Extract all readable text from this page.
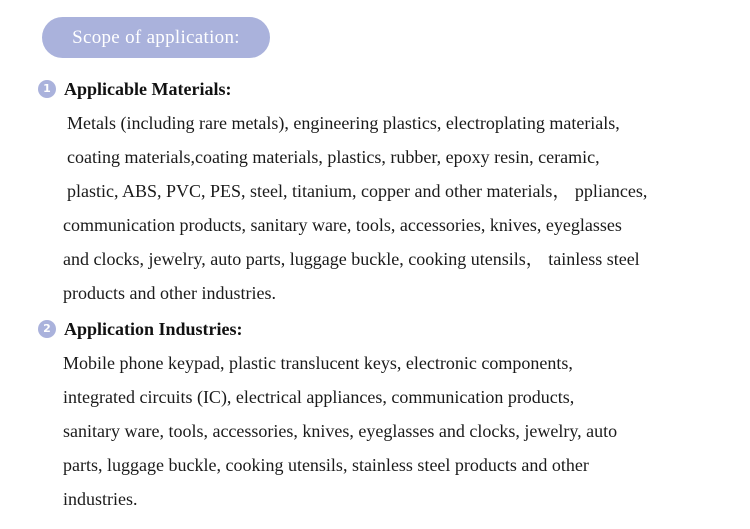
Scope of application:
1 Applicable Materials:
Metals (including rare metals), engineering plastics, electroplating materials,
coating materials,coating materials, plastics, rubber, epoxy resin, ceramic,
plastic, ABS, PVC, PES, steel, titanium, copper and other materials， ppliances,
communication products, sanitary ware, tools, accessories, knives, eyeglasses
and clocks, jewelry, auto parts, luggage buckle, cooking utensils， tainless steel
products and other industries.
2 Application Industries:
Mobile phone keypad, plastic translucent keys, electronic components,
integrated circuits (IC), electrical appliances, communication products,
sanitary ware, tools, accessories, knives, eyeglasses and clocks, jewelry, auto
parts, luggage buckle, cooking utensils, stainless steel products and other
industries.
